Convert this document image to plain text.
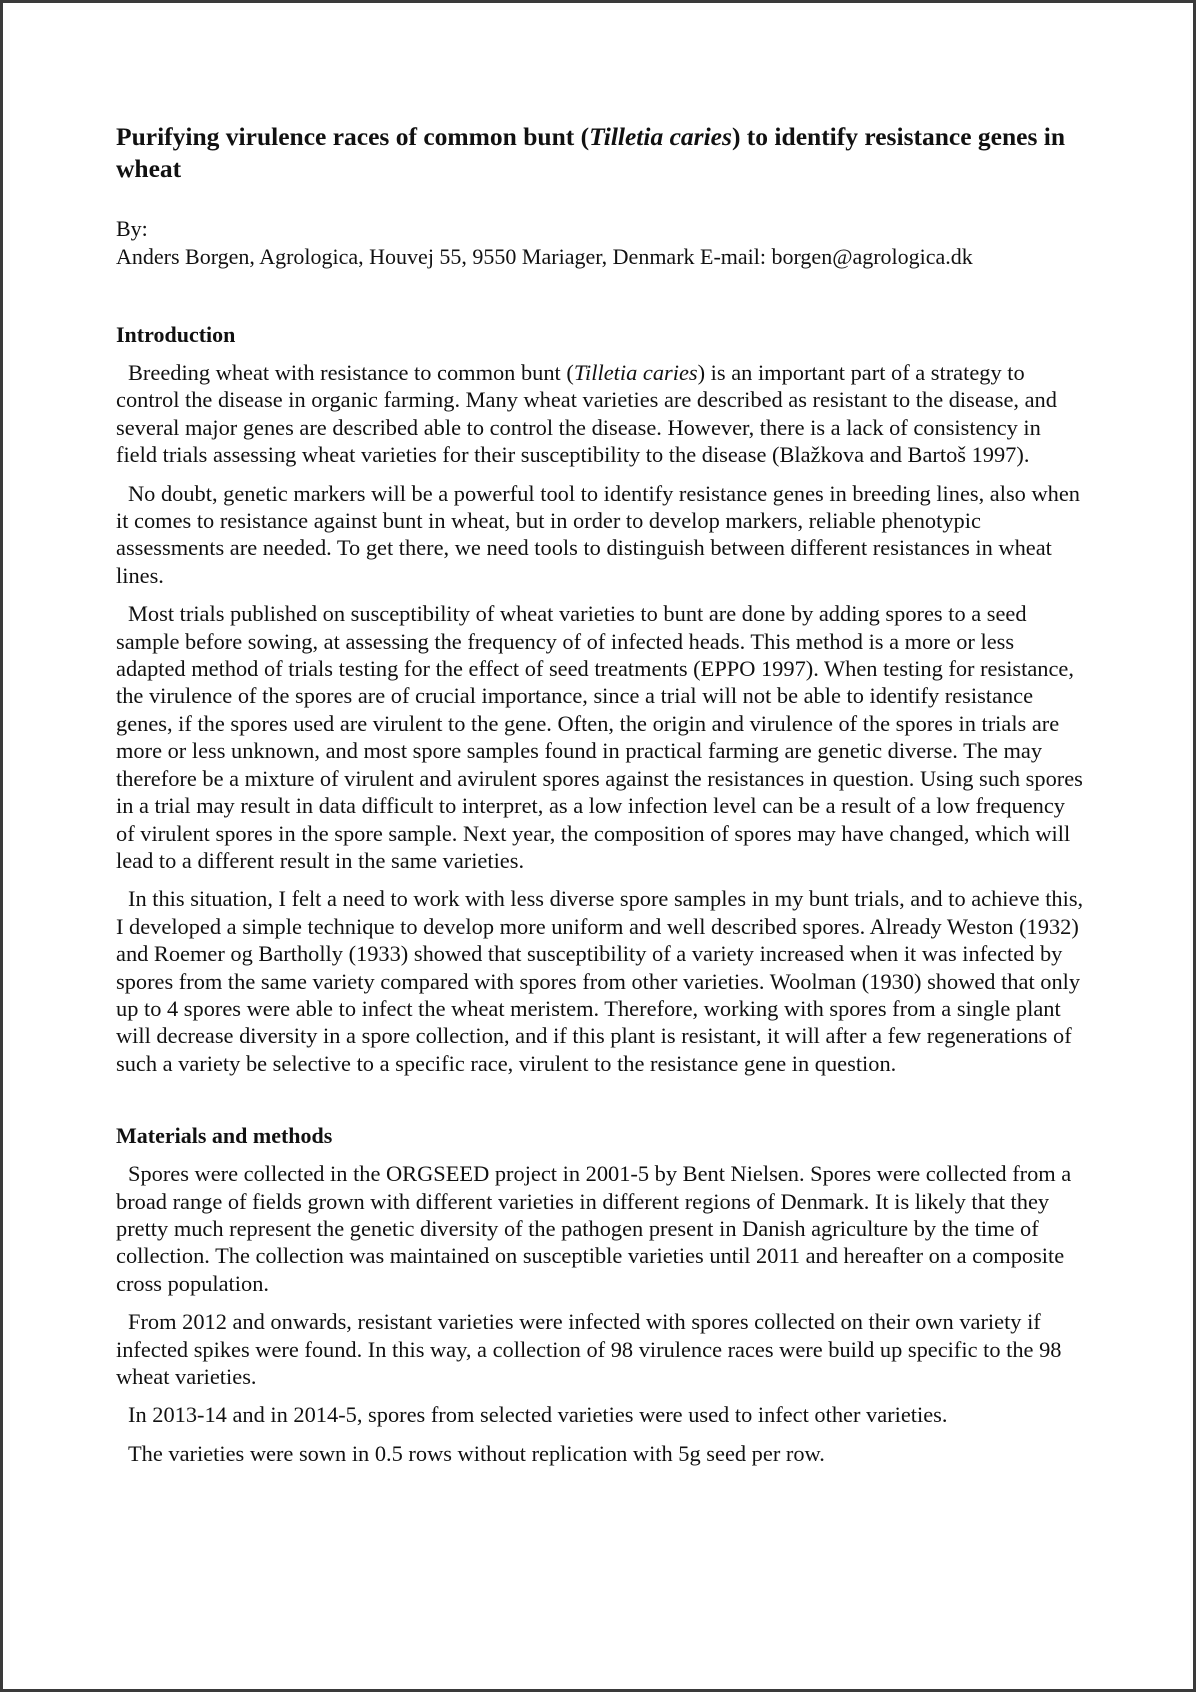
Purifying virulence races of common bunt (Tilletia caries) to identify resistance genes in wheat
By:
Anders Borgen, Agrologica, Houvej 55, 9550 Mariager, Denmark E-mail: borgen@agrologica.dk
Introduction

Breeding wheat with resistance to common bunt (Tilletia caries) is an important part of a strategy to control the disease in organic farming. Many wheat varieties are described as resistant to the disease, and several major genes are described able to control the disease. However, there is a lack of consistency in field trials assessing wheat varieties for their susceptibility to the disease (Blažkova and Bartoš 1997).

No doubt, genetic markers will be a powerful tool to identify resistance genes in breeding lines, also when it comes to resistance against bunt in wheat, but in order to develop markers, reliable phenotypic assessments are needed. To get there, we need tools to distinguish between different resistances in wheat lines.

Most trials published on susceptibility of wheat varieties to bunt are done by adding spores to a seed sample before sowing, at assessing the frequency of of infected heads. This method is a more or less adapted method of trials testing for the effect of seed treatments (EPPO 1997). When testing for resistance, the virulence of the spores are of crucial importance, since a trial will not be able to identify resistance genes, if the spores used are virulent to the gene. Often, the origin and virulence of the spores in trials are more or less unknown, and most spore samples found in practical farming are genetic diverse. The may therefore be a mixture of virulent and avirulent spores against the resistances in question. Using such spores in a trial may result in data difficult to interpret, as a low infection level can be a result of a low frequency of virulent spores in the spore sample. Next year, the composition of spores may have changed, which will lead to a different result in the same varieties.

In this situation, I felt a need to work with less diverse spore samples in my bunt trials, and to achieve this, I developed a simple technique to develop more uniform and well described spores. Already Weston (1932) and Roemer og Bartholly (1933) showed that susceptibility of a variety increased when it was infected by spores from the same variety compared with spores from other varieties. Woolman (1930) showed that only up to 4 spores were able to infect the wheat meristem. Therefore, working with spores from a single plant will decrease diversity in a spore collection, and if this plant is resistant, it will after a few regenerations of such a variety be selective to a specific race, virulent to the resistance gene in question.

Materials and methods

Spores were collected in the ORGSEED project in 2001-5 by Bent Nielsen. Spores were collected from a broad range of fields grown with different varieties in different regions of Denmark. It is likely that they pretty much represent the genetic diversity of the pathogen present in Danish agriculture by the time of collection. The collection was maintained on susceptible varieties until 2011 and hereafter on a composite cross population.

From 2012 and onwards, resistant varieties were infected with spores collected on their own variety if infected spikes were found. In this way, a collection of 98 virulence races were build up specific to the 98 wheat varieties.

In 2013-14 and in 2014-5, spores from selected varieties were used to infect other varieties.

The varieties were sown in 0.5 rows without replication with 5g seed per row.
